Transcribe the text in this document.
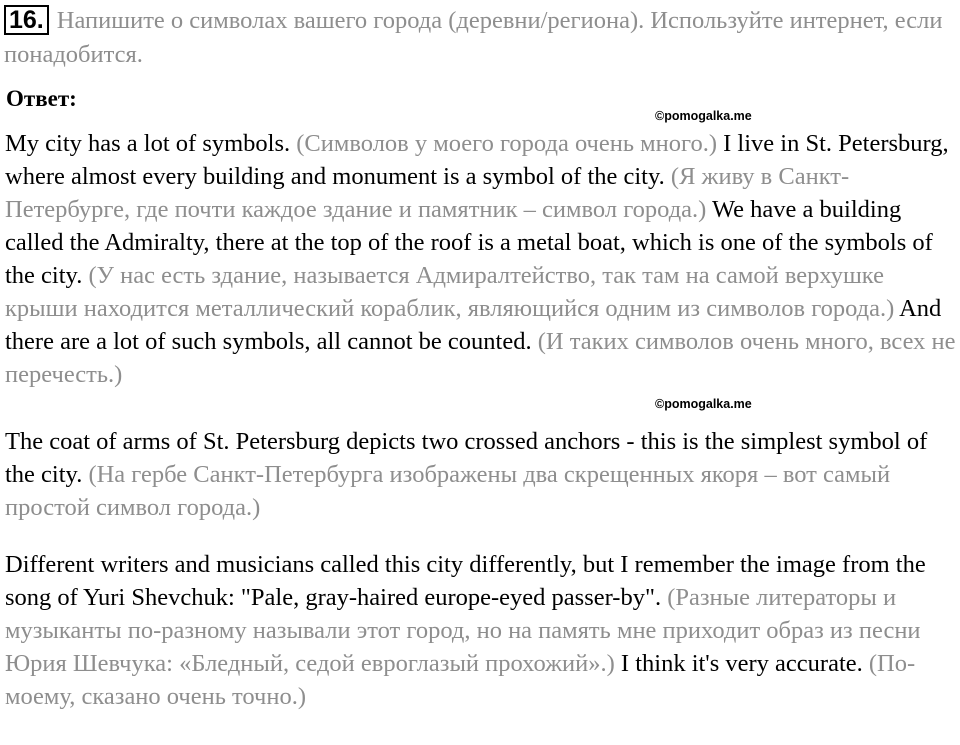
16. Напишите о символах вашего города (деревни/региона). Используйте интернет, если понадобится.
Ответ:
©pomogalka.me
©pomogalka.me
My city has a lot of symbols. (Символов у моего города очень много.) I live in St. Petersburg, where almost every building and monument is a symbol of the city. (Я живу в Санкт-Петербурге, где почти каждое здание и памятник – символ города.) We have a building called the Admiralty, there at the top of the roof is a metal boat, which is one of the symbols of the city. (У нас есть здание, называется Адмиралтейство, так там на самой верхушке крыши находится металлический кораблик, являющийся одним из символов города.) And there are a lot of such symbols, all cannot be counted. (И таких символов очень много, всех не перечесть.)
The coat of arms of St. Petersburg depicts two crossed anchors - this is the simplest symbol of the city. (На гербе Санкт-Петербурга изображены два скрещенных якоря – вот самый простой символ города.)
Different writers and musicians called this city differently, but I remember the image from the song of Yuri Shevchuk: "Pale, gray-haired europe-eyed passer-by". (Разные литераторы и музыканты по-разному называли этот город, но на память мне приходит образ из песни Юрия Шевчука: «Бледный, седой евроглазый прохожий».) I think it's very accurate. (По-моему, сказано очень точно.)
